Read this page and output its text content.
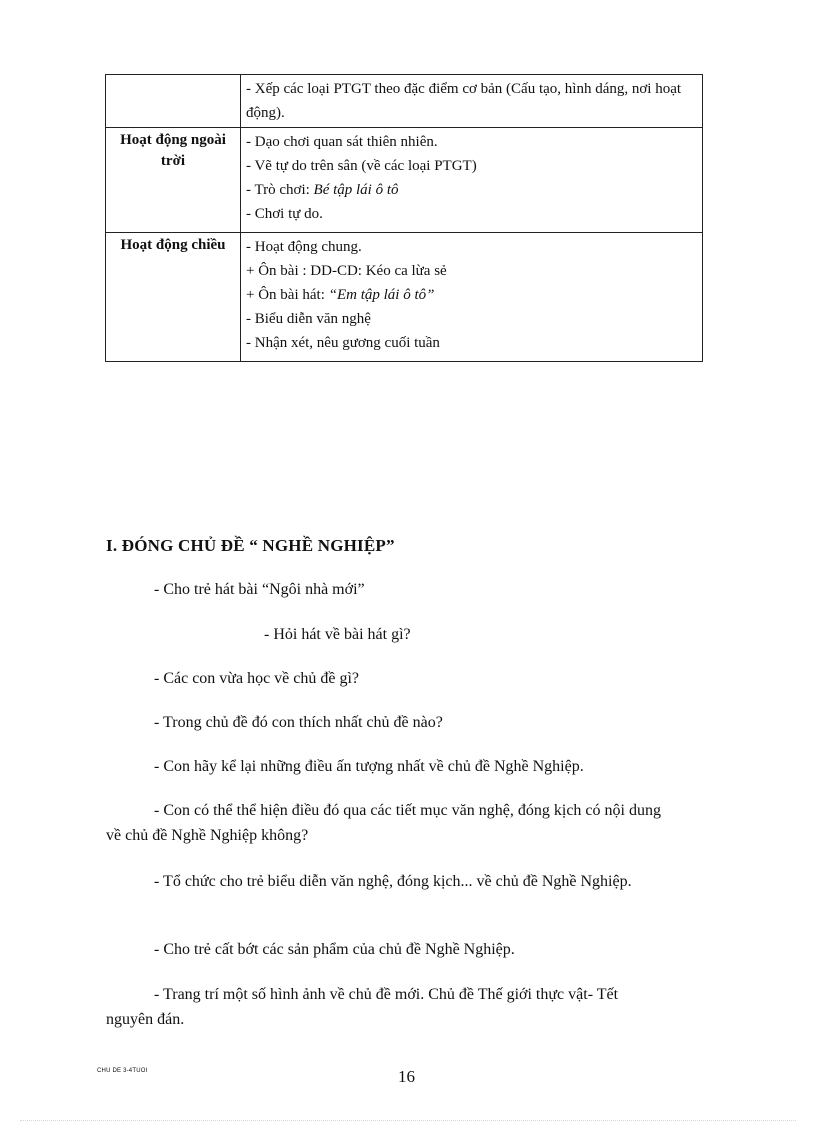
	- Xếp các loại PTGT theo đặc điểm cơ bản (Cấu tạo, hình dáng, nơi hoạt động).

Hoạt động ngoài trời	- Dạo chơi quan sát thiên nhiên.
- Vẽ tự do trên sân (về các loại PTGT)
- Trò chơi: Bé tập lái ô tô
- Chơi tự do.

Hoạt động chiều	- Hoạt động chung.
+ Ôn bài : DD-CD: Kéo ca lừa sẻ
+ Ôn bài hát: “Em tập lái ô tô”
- Biểu diễn văn nghệ
- Nhận xét, nêu gương cuối tuần
I. ĐÓNG CHỦ ĐỀ “ NGHỀ NGHIỆP”

- Cho trẻ hát bài “Ngôi nhà mới”

- Hỏi hát về bài hát gì?

- Các con vừa học về chủ đề gì?

- Trong chủ đề đó con thích nhất chủ đề nào?

- Con hãy kể lại những điều ấn tượng nhất về chủ đề Nghề Nghiệp.

- Con có thể thể hiện điều đó qua các tiết mục văn nghệ, đóng kịch có nội dung về chủ đề Nghề Nghiệp không?

- Tổ chức cho trẻ biểu diễn văn nghệ, đóng kịch... về chủ đề Nghề Nghiệp.

- Cho trẻ cất bớt các sản phẩm của chủ đề Nghề Nghiệp.

- Trang trí một số hình ảnh về chủ đề mới. Chủ đề Thế giới thực vật- Tết nguyên đán.

CHU DE 3-4TUOI	16
